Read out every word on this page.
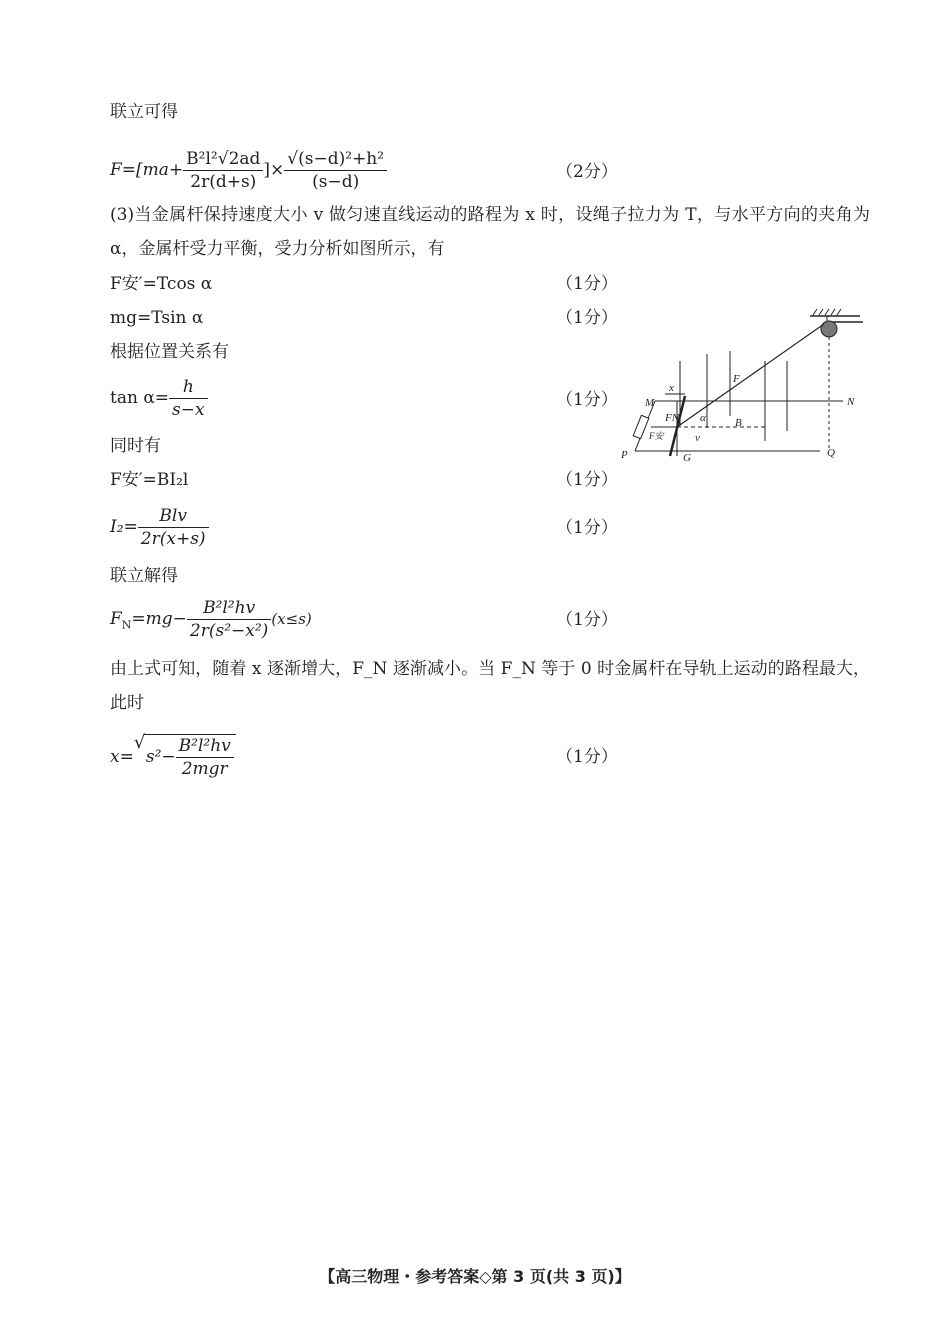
联立可得
$F=[ma+ \frac{\text{B²l²√2ad}}{2r(d+s)}$ ]× $\frac{\text{√(s−d)²+h²}}{(s-d)}$	（2分）
(3)当金属杆保持速度大小 v 做匀速直线运动的路程为 x 时，设绳子拉力为 T，与水平方向的夹角为 α，金属杆受力平衡，受力分析如图所示，有
F安′=Tcos α	（1分）
mg=Tsin α	（1分）
根据位置关系有
$\tan \alpha= \frac{h}{s-x}$	（1分）
同时有
F安′=BI₂l	（1分）
$I_2= \frac{\text{Blv}}{2r(x+s)}$	（1分）
联立解得
$F_N=mg- \frac{\text{B²l²hv}}{\text{2r(s²−x²)}} (x\le s)$	（1分）
由上式可知，随着 x 逐渐增大，F_N 逐渐减小。当 F_N 等于 0 时金属杆在导轨上运动的路程最大，此时
x=
√
$s^2- \frac{\text{B²l²hv}}{\text{2mgr}}$	（1分）
M	N
P	Q
F
FN
F安	v
B
G
x
α
【高三物理・参考答案◇第 3 页(共 3 页)】
